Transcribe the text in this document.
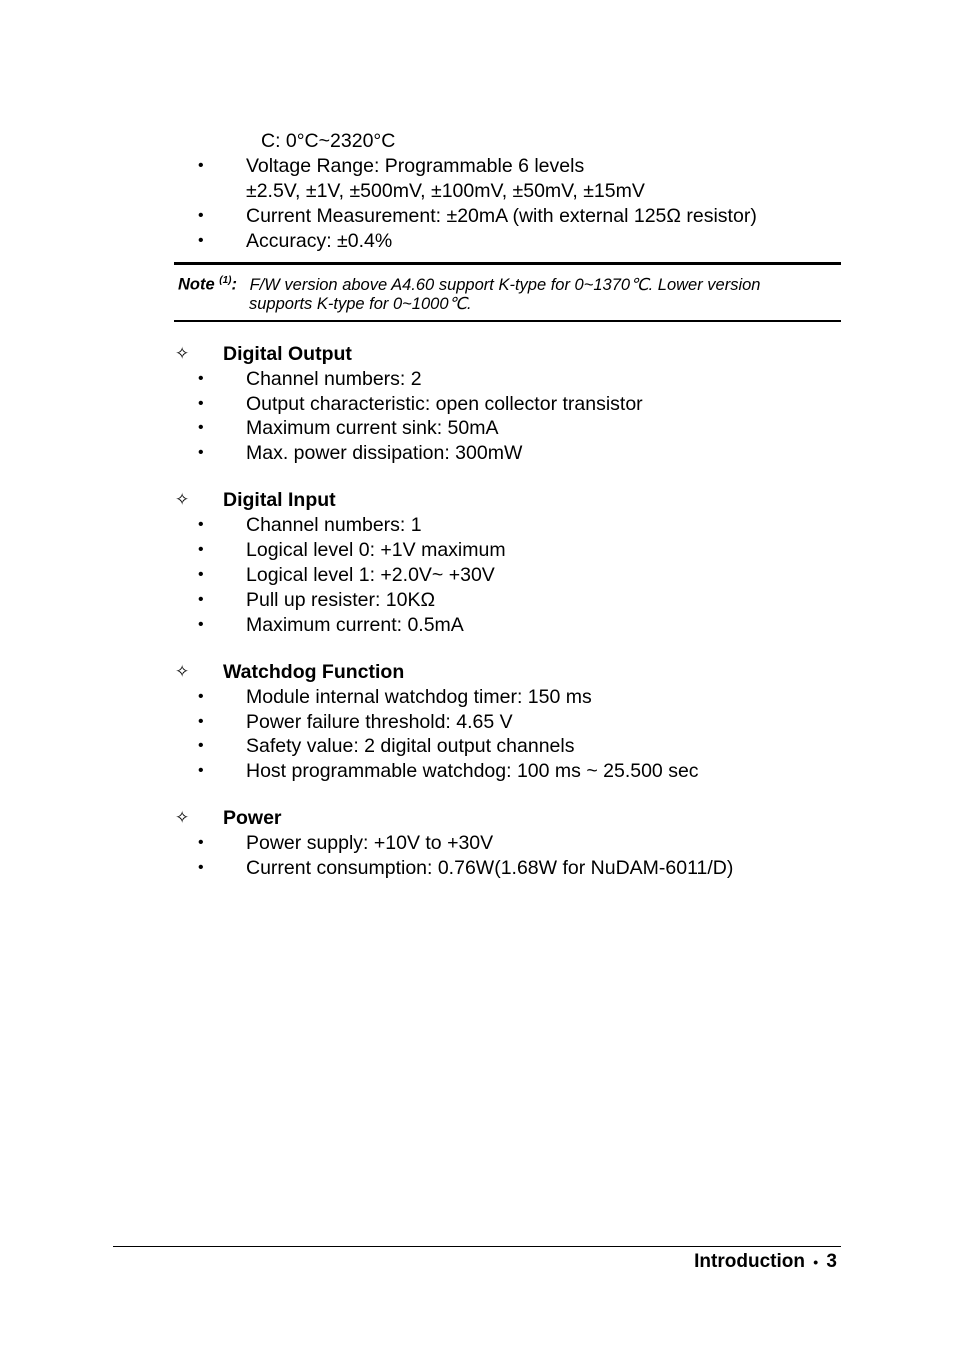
C: 0°C~2320°C
• Voltage Range: Programmable 6 levels
±2.5V, ±1V, ±500mV, ±100mV, ±50mV, ±15mV
• Current Measurement: ±20mA (with external 125Ω resistor)
• Accuracy: ±0.4%
Note $^{(1)}$: F/W version above A4.60 support K-type for 0~1370℃. Lower version
supports K-type for 0~1000℃.
✧ Digital Output
• Channel numbers: 2
• Output characteristic: open collector transistor
• Maximum current sink: 50mA
• Max. power dissipation: 300mW
✧ Digital Input
• Channel numbers: 1
• Logical level 0: +1V maximum
• Logical level 1: +2.0V~ +30V
• Pull up resister: 10KΩ
• Maximum current: 0.5mA
✧ Watchdog Function
• Module internal watchdog timer: 150 ms
• Power failure threshold: 4.65 V
• Safety value: 2 digital output channels
• Host programmable watchdog: 100 ms ~ 25.500 sec
✧ Power
• Power supply: +10V to +30V
• Current consumption: 0.76W(1.68W for NuDAM-6011/D)
Introduction • 3
